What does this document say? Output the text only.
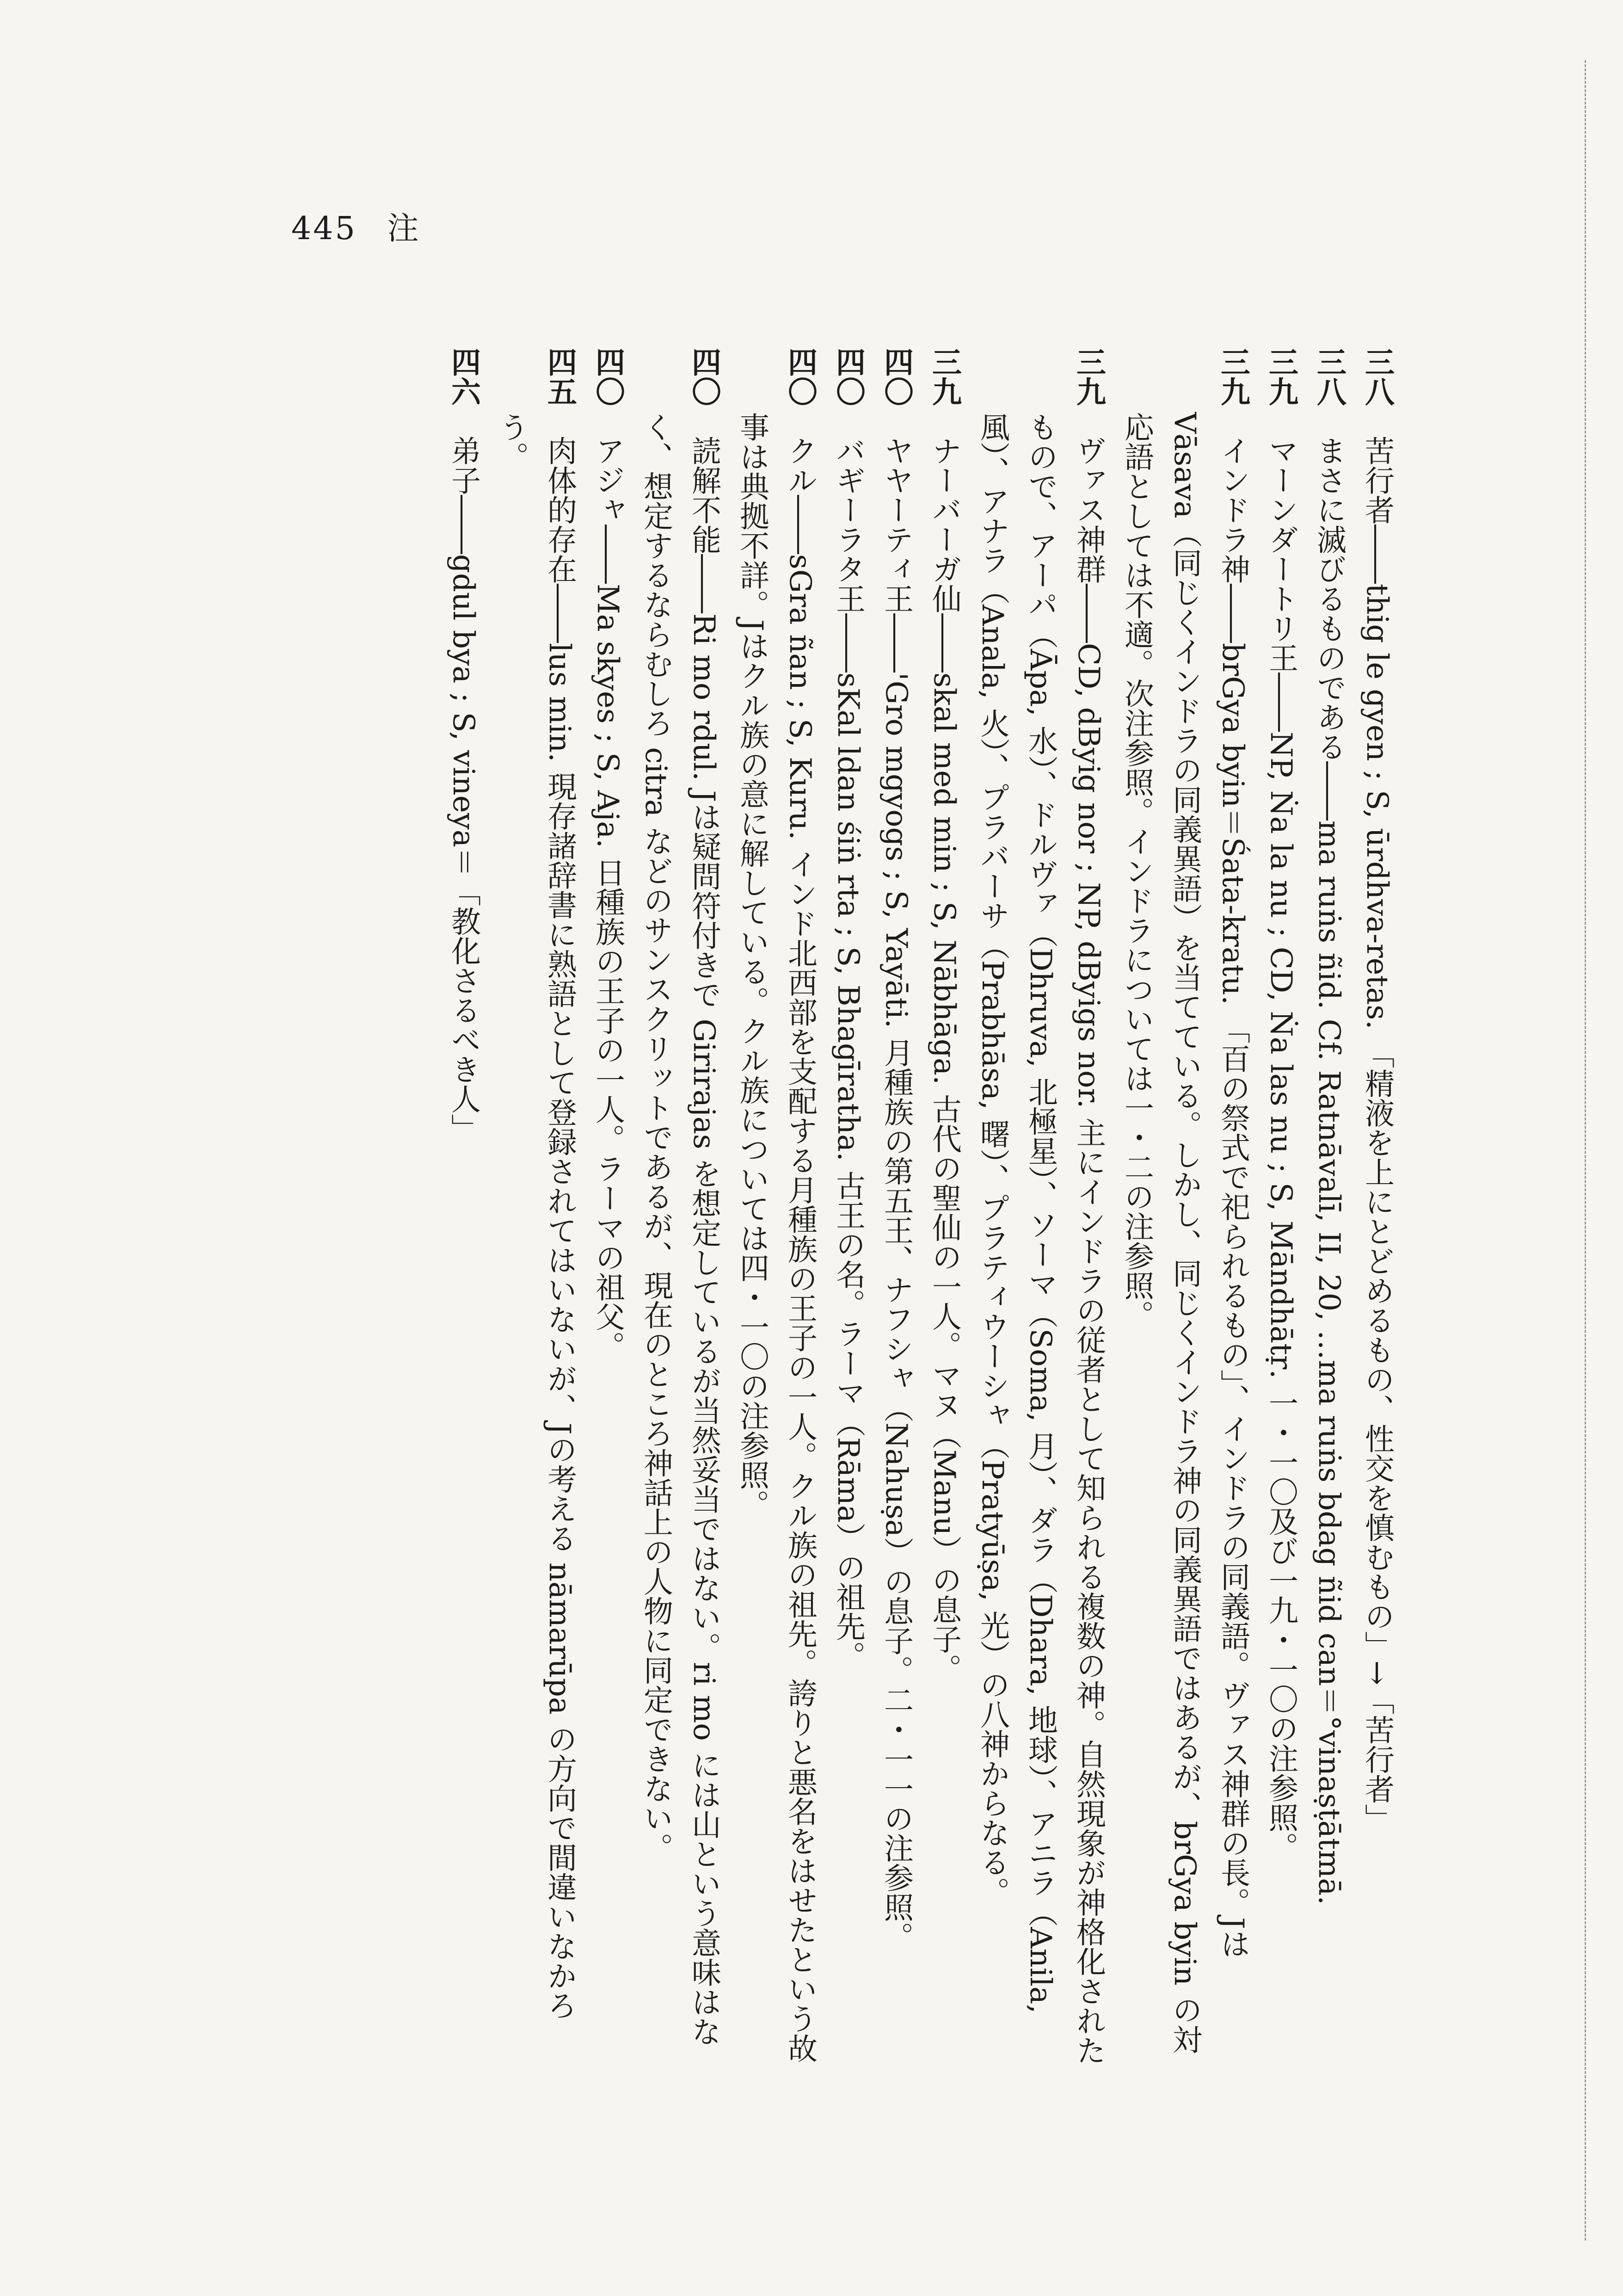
445 注

三八　苦行者――thig le gyen ; S, ūrdhva-retas. 「精液を上にとどめるもの、性交を慎むもの」→「苦行者」

三八　まさに滅びるものである――ma ruṅs ñid. Cf. Ratnāvalī, II, 20, …ma ruṅs bdag ñid can＝°vinaṣṭātmā.

三九　マーンダートリ王――NP, Ṅa la nu ; CD, Ṅa las nu ; S, Māndhātṛ. 一・一〇及び一九・一〇の注参照。

三九　インドラ神――brGya byin＝Śata-kratu. 「百の祭式で祀られるもの」、インドラの同義語。ヴァス神群の長。Jは Vāsava（同じくインドラの同義異語）を当てている。しかし、同じくインドラ神の同義異語ではあるが、brGya byin の対応語としては不適。次注参照。インドラについては一・二の注参照。

三九　ヴァス神群――CD, dByig nor ; NP, dByigs nor. 主にインドラの従者として知られる複数の神。自然現象が神格化されたもので、アーパ（Āpa, 水）、ドルヴァ（Dhruva, 北極星）、ソーマ（Soma, 月）、ダラ（Dhara, 地球）、アニラ（Anila, 風）、アナラ（Anala, 火）、プラバーサ（Prabhāsa, 曙）、プラティウーシャ（Pratyūṣa, 光）の八神からなる。

三九　ナーバーガ仙――skal med min ; S, Nābhāga. 古代の聖仙の一人。マヌ（Manu）の息子。

四〇　ヤヤーティ王――'Gro mgyogs ; S, Yayāti. 月種族の第五王、ナフシャ（Nahuṣa）の息子。二・一一の注参照。

四〇　バギーラタ王――sKal ldan śiṅ rta ; S, Bhagīratha. 古王の名。ラーマ（Rāma）の祖先。

四〇　クル――sGra ñan ; S, Kuru. インド北西部を支配する月種族の王子の一人。クル族の祖先。誇りと悪名をはせたという故事は典拠不詳。Jはクル族の意に解している。クル族については四・一〇の注参照。

四〇　読解不能――Ri mo rdul. Jは疑問符付きで Girirajas を想定しているが当然妥当ではない。ri mo には山という意味はなく、想定するならむしろ citra などのサンスクリットであるが、現在のところ神話上の人物に同定できない。

四〇　アジャ――Ma skyes ; S, Aja. 日種族の王子の一人。ラーマの祖父。

四五　肉体的存在――lus min. 現存諸辞書に熟語として登録されてはいないが、Jの考える nāmarūpa の方向で間違いなかろう。

四六　弟子――gdul bya ; S, vineya＝「教化さるべき人」
